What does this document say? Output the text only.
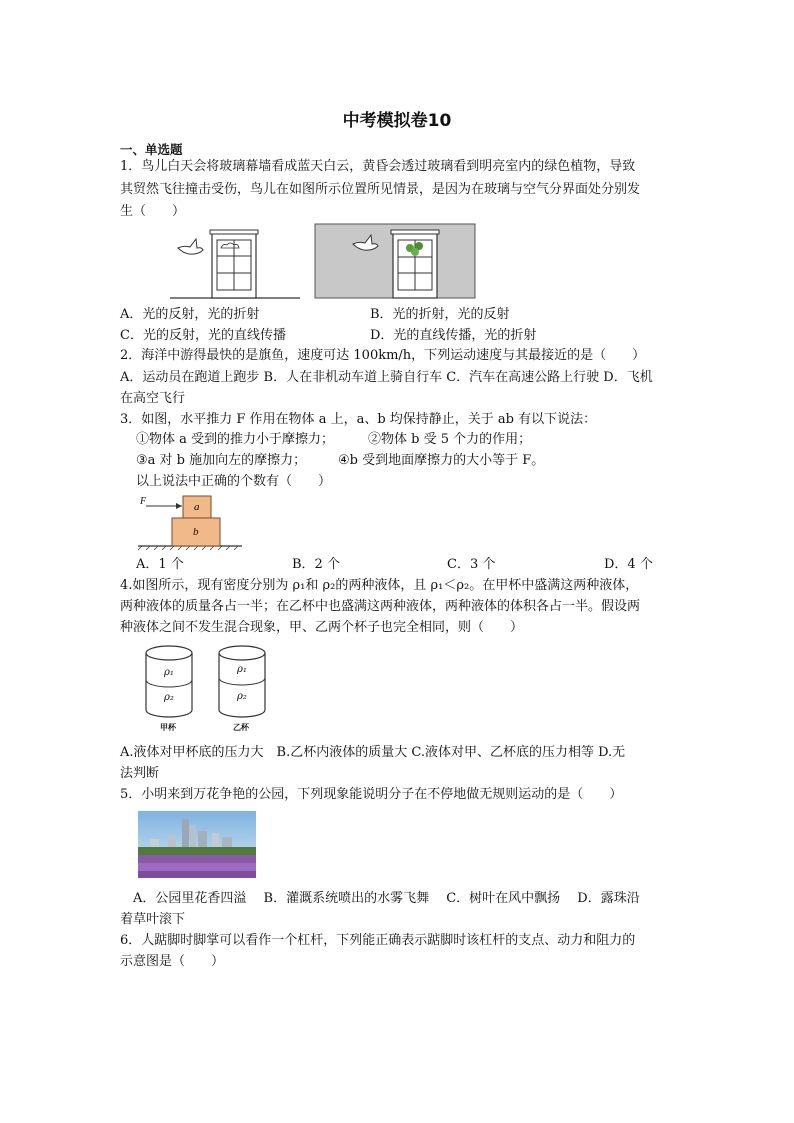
中考模拟卷10
一、单选题
1．鸟儿白天会将玻璃幕墙看成蓝天白云，黄昏会透过玻璃看到明亮室内的绿色植物，导致
其贸然飞往撞击受伤，鸟儿在如图所示位置所见情景，是因为在玻璃与空气分界面处分别发
生（　　）
A．光的反射，光的折射	B．光的折射，光的反射
C．光的反射，光的直线传播	D．光的直线传播，光的折射
2．海洋中游得最快的是旗鱼，速度可达 100km/h，下列运动速度与其最接近的是（　　）
A．运动员在跑道上跑步 B．人在非机动车道上骑自行车 C．汽车在高速公路上行驶 D．飞机
在高空飞行
3．如图，水平推力 F 作用在物体 a 上，a、b 均保持静止，关于 ab 有以下说法：
①物体 a 受到的推力小于摩擦力；	②物体 b 受 5 个力的作用；
③a 对 b 施加向左的摩擦力； ④b 受到地面摩擦力的大小等于 F。
以上说法中正确的个数有（　　）
F	a
b
A．1 个	B．2 个	C．3 个	D．4 个
4.如图所示，现有密度分别为 ρ₁和 ρ₂的两种液体，且 ρ₁＜ρ₂。在甲杯中盛满这两种液体，
两种液体的质量各占一半；在乙杯中也盛满这两种液体，两种液体的体积各占一半。假设两
种液体之间不发生混合现象，甲、乙两个杯子也完全相同，则（　　）
ρ₁
ρ₂
甲杯
ρ₁
ρ₂
乙杯
A.液体对甲杯底的压力大　B.乙杯内液体的质量大 C.液体对甲、乙杯底的压力相等 D.无
法判断
5．小明来到万花争艳的公园，下列现象能说明分子在不停地做无规则运动的是（　　）
　A．公园里花香四溢　 B．灌溉系统喷出的水雾飞舞　 C．树叶在风中飘扬　 D．露珠沿
着草叶滚下
6．人踮脚时脚掌可以看作一个杠杆，下列能正确表示踮脚时该杠杆的支点、动力和阻力的
示意图是（　　）
